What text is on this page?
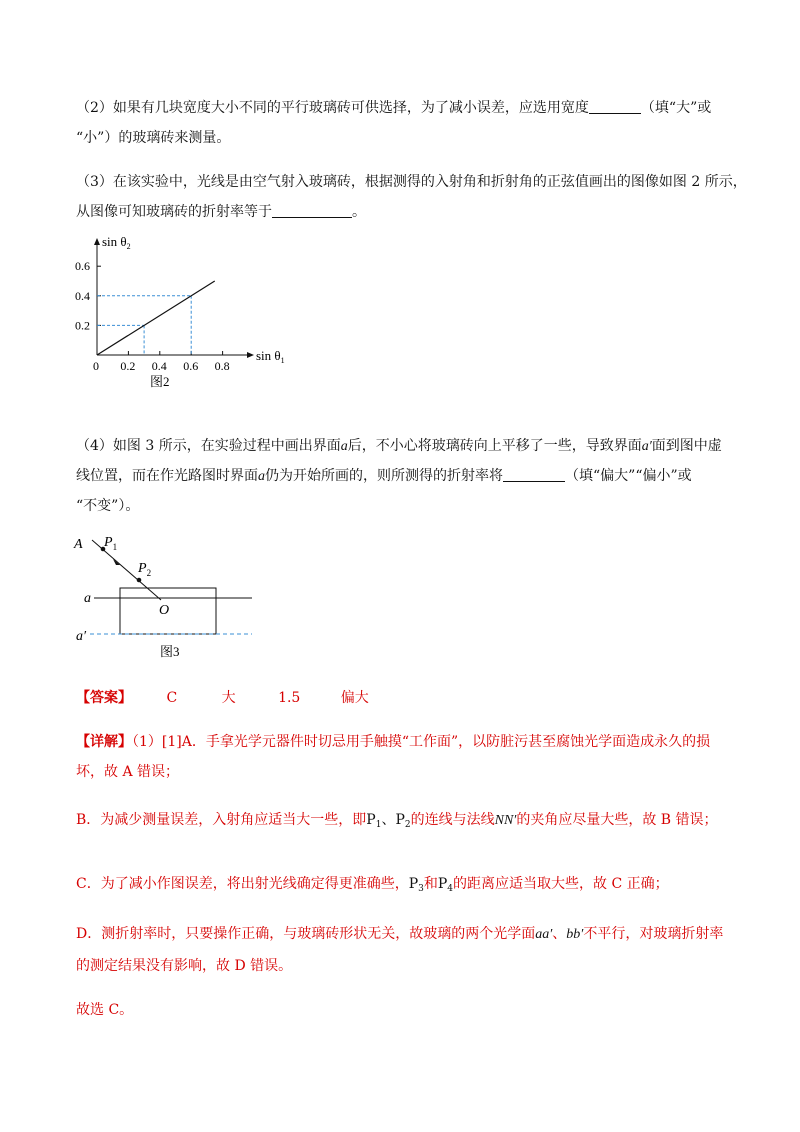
（2）如果有几块宽度大小不同的平行玻璃砖可供选择，为了减小误差，应选用宽度	（填“大”或
“小”）的玻璃砖来测量。
（3）在该实验中，光线是由空气射入玻璃砖，根据测得的入射角和折射角的正弦值画出的图像如图 2 所示，
从图像可知玻璃砖的折射率等于	。
$\sin \theta_2$
$\sin \theta_1$
0 0.2 0.4 0.6 0.8
0.2
0.4
0.6
图2
（4）如图 3 所示，在实验过程中画出界面a后，不小心将玻璃砖向上平移了一些，导致界面a′面到图中虚
线位置，而在作光路图时界面a仍为开始所画的，则所测得的折射率将	（填“偏大”“偏小”或
“不变”）。
A $P_1$
$P_2$
O
a
a′
图3
【答案】 C	大	1.5	偏大
【详解】（1）[1]A．手拿光学元器件时切忌用手触摸“工作面”，以防脏污甚至腐蚀光学面造成永久的损
坏，故 A 错误；
B．为减少测量误差，入射角应适当大一些，即$P_1$、$P_2$的连线与法线NN′的夹角应尽量大些，故 B 错误；
C．为了减小作图误差，将出射光线确定得更准确些，$P_3$和$P_4$的距离应适当取大些，故 C 正确；
D．测折射率时，只要操作正确，与玻璃砖形状无关，故玻璃的两个光学面aa′、bb′不平行，对玻璃折射率
的测定结果没有影响，故 D 错误。
故选 C。
